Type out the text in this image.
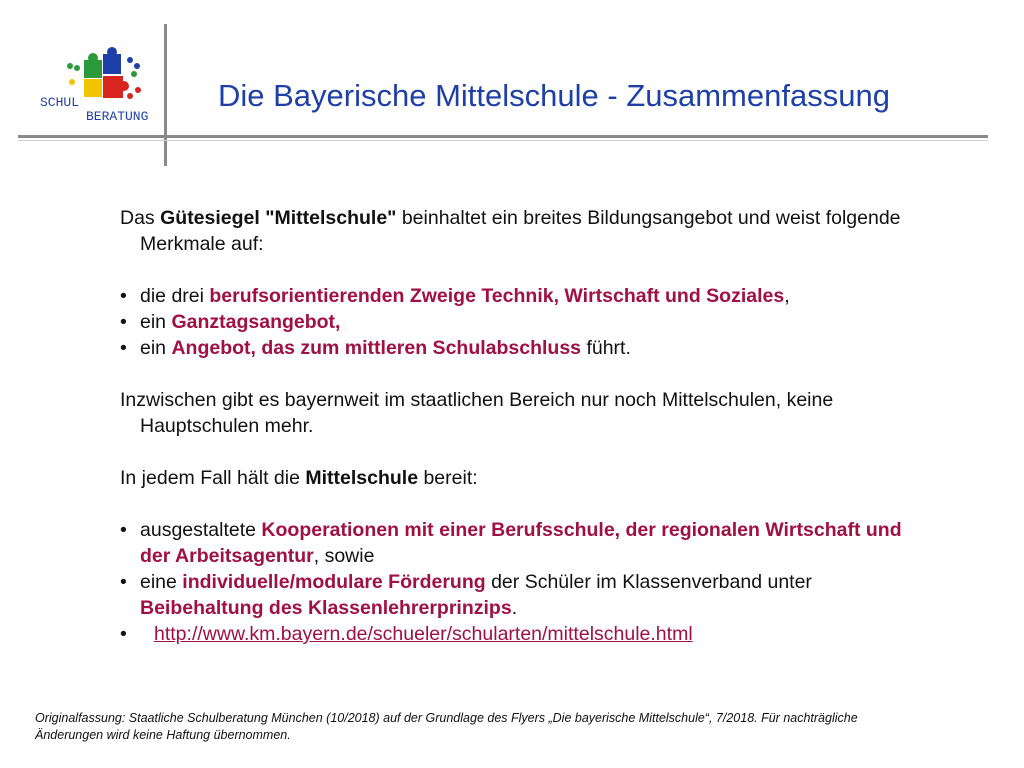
SCHUL
BERATUNG
Die Bayerische Mittelschule - Zusammenfassung

Das Gütesiegel "Mittelschule" beinhaltet ein breites Bildungsangebot und weist folgende Merkmale auf:

• die drei berufsorientierenden Zweige Technik, Wirtschaft und Soziales,

• ein Ganztagsangebot,

• ein Angebot, das zum mittleren Schulabschluss führt.

Inzwischen gibt es bayernweit im staatlichen Bereich nur noch Mittelschulen, keine Hauptschulen mehr.

In jedem Fall hält die Mittelschule bereit:

• ausgestaltete Kooperationen mit einer Berufsschule, der regionalen Wirtschaft und der Arbeitsagentur, sowie

• eine individuelle/modulare Förderung der Schüler im Klassenverband unter Beibehaltung des Klassenlehrerprinzips.

• http://www.km.bayern.de/schueler/schularten/mittelschule.html

Originalfassung: Staatliche Schulberatung München (10/2018) auf der Grundlage des Flyers „Die bayerische Mittelschule“, 7/2018. Für nachträgliche Änderungen wird keine Haftung übernommen.
